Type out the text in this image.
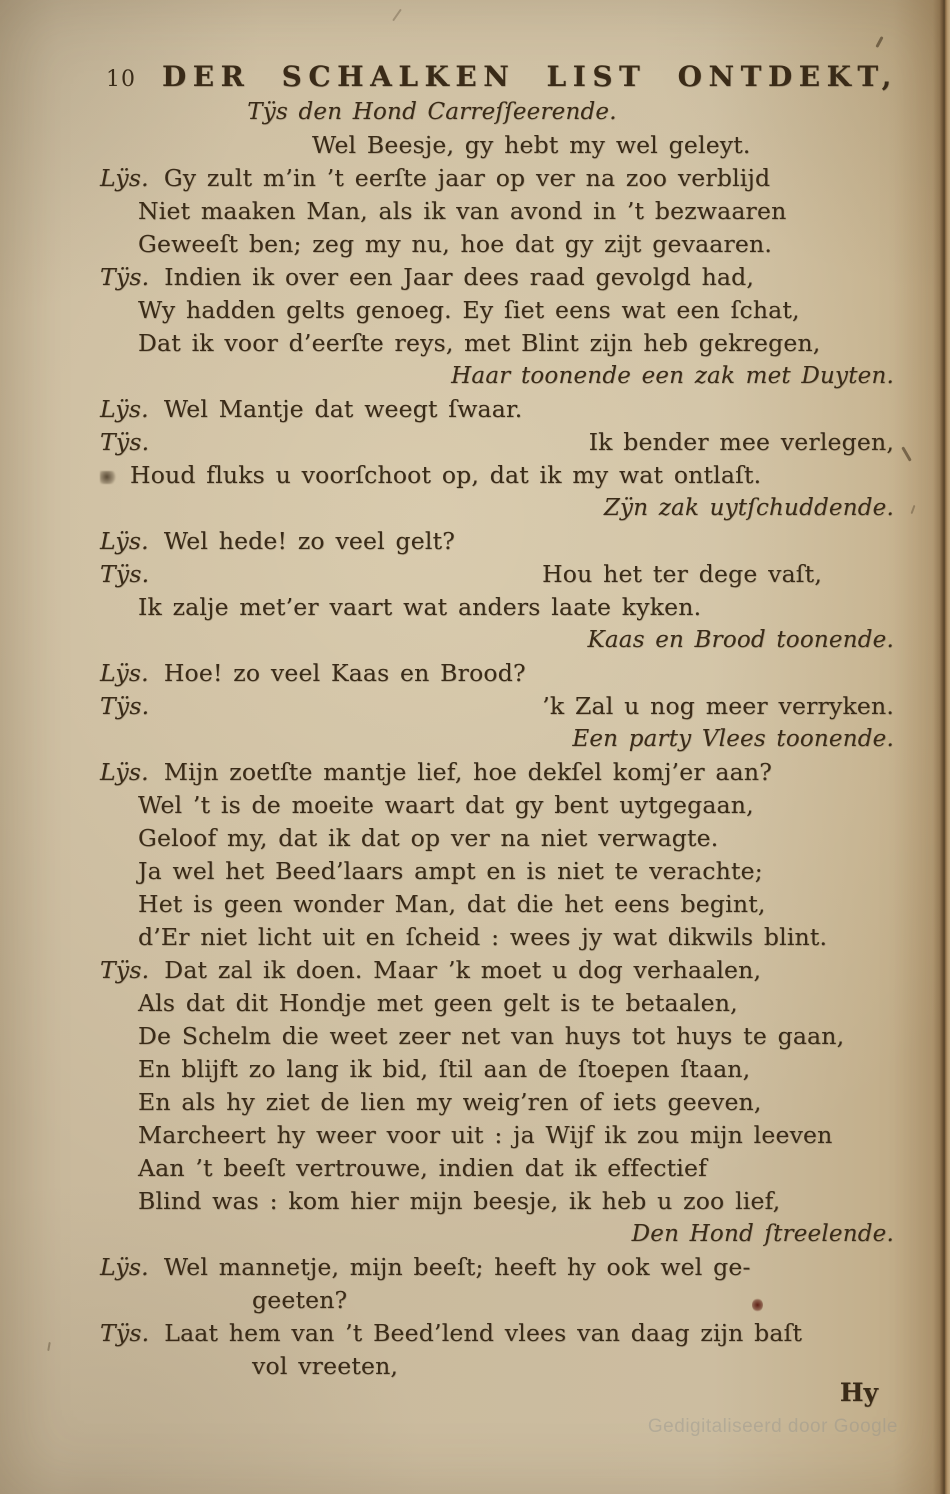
10 DER SCHALKEN LIST ONTDEKT,
Tÿs den Hond Carreſſeerende.
Wel Beesje, gy hebt my wel geleyt.
Lÿs. Gy zult m’in ’t eerſte jaar op ver na zoo verblijd
Niet maaken Man, als ik van avond in ’t bezwaaren
Geweeſt ben; zeg my nu, hoe dat gy zijt gevaaren.
Tÿs. Indien ik over een Jaar dees raad gevolgd had,
Wy hadden gelts genoeg. Ey ſiet eens wat een ſchat,
Dat ik voor d’eerſte reys, met Blint zijn heb gekregen,
Haar toonende een zak met Duyten.
Lÿs. Wel Mantje dat weegt ſwaar.
Tÿs.	Ik bender mee verlegen,
Houd fluks u voorſchoot op, dat ik my wat ontlaſt.
Zÿn zak uytſchuddende.
Lÿs. Wel hede! zo veel gelt?
Tÿs.	Hou het ter dege vaſt,
Ik zalje met’er vaart wat anders laate kyken.
Kaas en Brood toonende.
Lÿs. Hoe! zo veel Kaas en Brood?
Tÿs.	’k Zal u nog meer verryken.
Een party Vlees toonende.
Lÿs. Mijn zoetſte mantje lief, hoe dekſel komj’er aan?
Wel ’t is de moeite waart dat gy bent uytgegaan,
Geloof my, dat ik dat op ver na niet verwagte.
Ja wel het Beed’laars ampt en is niet te verachte;
Het is geen wonder Man, dat die het eens begint,
d’Er niet licht uit en ſcheid : wees jy wat dikwils blint.
Tÿs. Dat zal ik doen. Maar ’k moet u dog verhaalen,
Als dat dit Hondje met geen gelt is te betaalen,
De Schelm die weet zeer net van huys tot huys te gaan,
En blijft zo lang ik bid, ſtil aan de ſtoepen ſtaan,
En als hy ziet de lien my weig’ren of iets geeven,
Marcheert hy weer voor uit : ja Wijf ik zou mijn leeven
Aan ’t beeſt vertrouwe, indien dat ik effectief
Blind was : kom hier mijn beesje, ik heb u zoo lief,
Den Hond ſtreelende.
Lÿs. Wel mannetje, mijn beeſt; heeft hy ook wel ge-
geeten?
Tÿs. Laat hem van ’t Beed’lend vlees van daag zijn baſt
vol vreeten,
Hy
Gedigitaliseerd door Google
